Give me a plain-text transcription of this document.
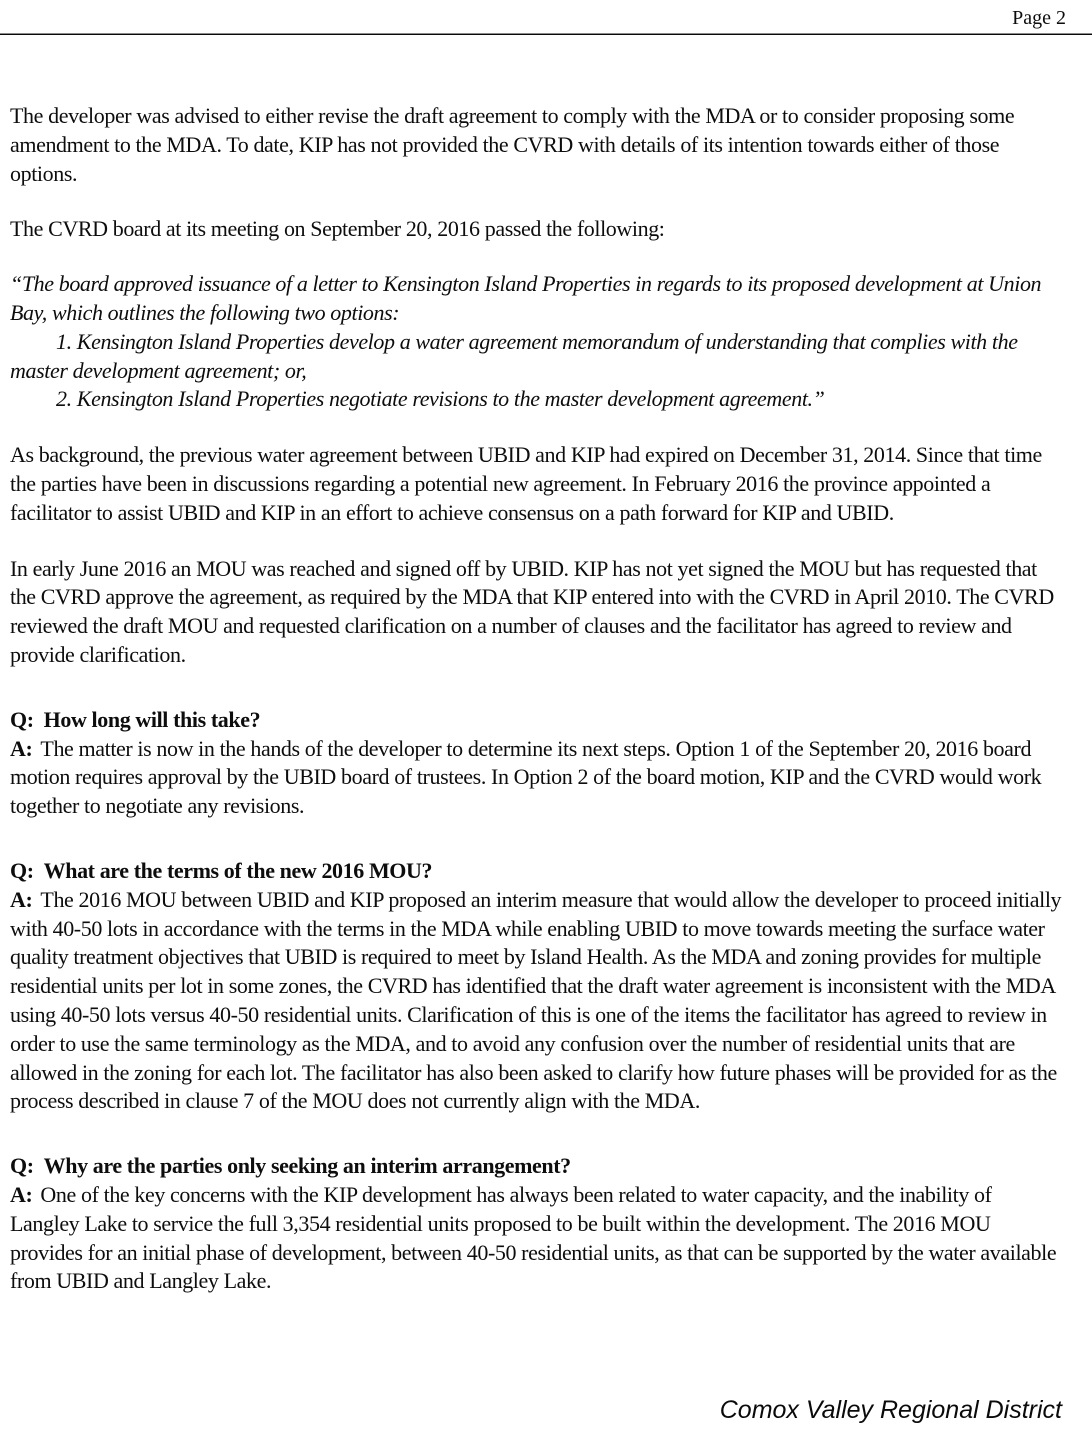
Page 2

The developer was advised to either revise the draft agreement to comply with the MDA or to consider proposing some amendment to the MDA. To date, KIP has not provided the CVRD with details of its intention towards either of those options.

The CVRD board at its meeting on September 20, 2016 passed the following:

“The board approved issuance of a letter to Kensington Island Properties in regards to its proposed development at Union Bay, which outlines the following two options:

1. Kensington Island Properties develop a water agreement memorandum of understanding that complies with the master development agreement; or,

2. Kensington Island Properties negotiate revisions to the master development agreement.”

As background, the previous water agreement between UBID and KIP had expired on December 31, 2014. Since that time the parties have been in discussions regarding a potential new agreement. In February 2016 the province appointed a facilitator to assist UBID and KIP in an effort to achieve consensus on a path forward for KIP and UBID.

In early June 2016 an MOU was reached and signed off by UBID. KIP has not yet signed the MOU but has requested that the CVRD approve the agreement, as required by the MDA that KIP entered into with the CVRD in April 2010. The CVRD reviewed the draft MOU and requested clarification on a number of clauses and the facilitator has agreed to review and provide clarification.

Q: How long will this take?

A: The matter is now in the hands of the developer to determine its next steps. Option 1 of the September 20, 2016 board motion requires approval by the UBID board of trustees. In Option 2 of the board motion, KIP and the CVRD would work together to negotiate any revisions.

Q: What are the terms of the new 2016 MOU?

A: The 2016 MOU between UBID and KIP proposed an interim measure that would allow the developer to proceed initially with 40-50 lots in accordance with the terms in the MDA while enabling UBID to move towards meeting the surface water quality treatment objectives that UBID is required to meet by Island Health. As the MDA and zoning provides for multiple residential units per lot in some zones, the CVRD has identified that the draft water agreement is inconsistent with the MDA using 40-50 lots versus 40-50 residential units. Clarification of this is one of the items the facilitator has agreed to review in order to use the same terminology as the MDA, and to avoid any confusion over the number of residential units that are allowed in the zoning for each lot. The facilitator has also been asked to clarify how future phases will be provided for as the process described in clause 7 of the MOU does not currently align with the MDA.

Q: Why are the parties only seeking an interim arrangement?

A: One of the key concerns with the KIP development has always been related to water capacity, and the inability of Langley Lake to service the full 3,354 residential units proposed to be built within the development. The 2016 MOU provides for an initial phase of development, between 40-50 residential units, as that can be supported by the water available from UBID and Langley Lake.

Comox Valley Regional District
